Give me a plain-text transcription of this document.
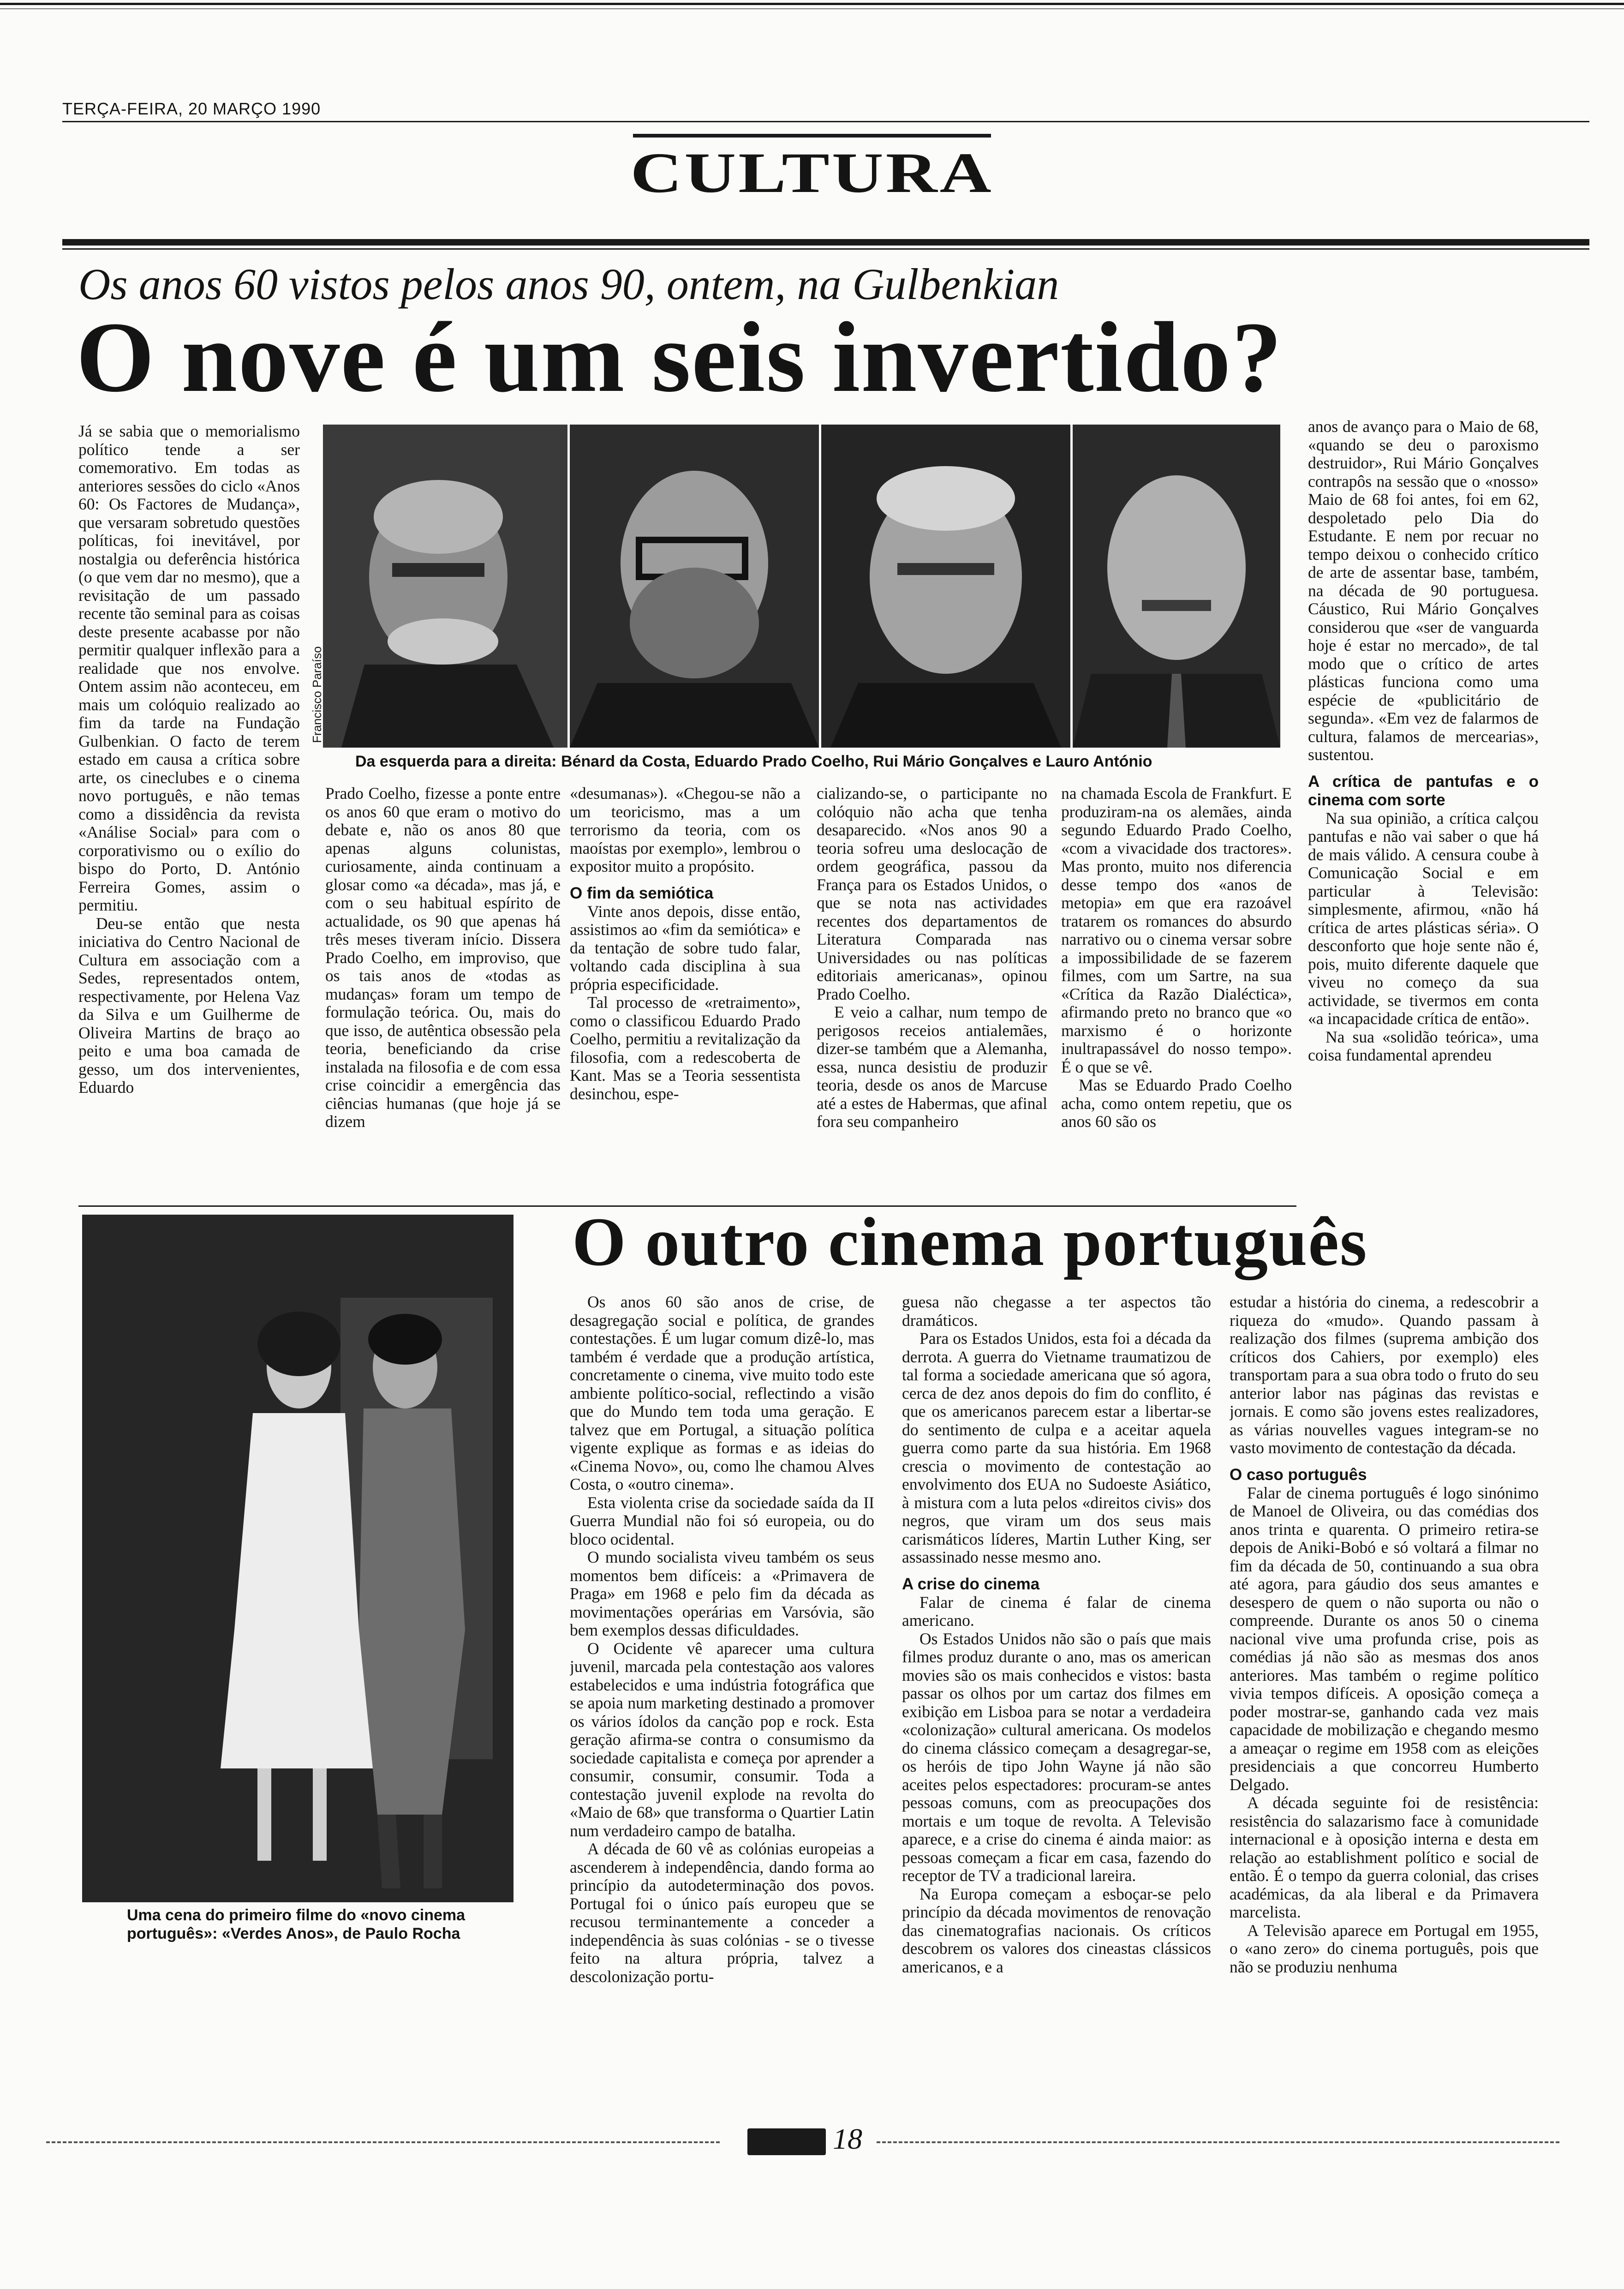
TERÇA-FEIRA, 20 MARÇO 1990
CULTURA
Os anos 60 vistos pelos anos 90, ontem, na Gulbenkian
O nove é um seis invertido?
Francisco Paraíso
Da esquerda para a direita: Bénard da Costa, Eduardo Prado Coelho, Rui Mário Gonçalves e Lauro António

Já se sabia que o memorialismo político tende a ser comemorativo. Em todas as anteriores sessões do ciclo «Anos 60: Os Factores de Mudança», que versaram sobretudo questões políticas, foi inevitável, por nostalgia ou deferência histórica (o que vem dar no mesmo), que a revisitação de um passado recente tão seminal para as coisas deste presente acabasse por não permitir qualquer inflexão para a realidade que nos envolve. Ontem assim não aconteceu, em mais um colóquio realizado ao fim da tarde na Fundação Gulbenkian. O facto de terem estado em causa a crítica sobre arte, os cineclubes e o cinema novo português, e não temas como a dissidência da revista «Análise Social» para com o corporativismo ou o exílio do bispo do Porto, D. António Ferreira Gomes, assim o permitiu.

Deu-se então que nesta iniciativa do Centro Nacional de Cultura em associação com a Sedes, representados ontem, respectivamente, por Helena Vaz da Silva e um Guilherme de Oliveira Martins de braço ao peito e uma boa camada de gesso, um dos intervenientes, Eduardo

Prado Coelho, fizesse a ponte entre os anos 60 que eram o motivo do debate e, não os anos 80 que apenas alguns colunistas, curiosamente, ainda continuam a glosar como «a década», mas já, e com o seu habitual espírito de actualidade, os 90 que apenas há três meses tiveram início. Dissera Prado Coelho, em improviso, que os tais anos de «todas as mudanças» foram um tempo de formulação teórica. Ou, mais do que isso, de autêntica obsessão pela teoria, beneficiando da crise instalada na filosofia e de com essa crise coincidir a emergência das ciências humanas (que hoje já se dizem

«desumanas»). «Chegou-se não a um teoricismo, mas a um terrorismo da teoria, com os maoístas por exemplo», lembrou o expositor muito a propósito.

O fim da semiótica

Vinte anos depois, disse então, assistimos ao «fim da semiótica» e da tentação de sobre tudo falar, voltando cada disciplina à sua própria especificidade.

Tal processo de «retraimento», como o classificou Eduardo Prado Coelho, permitiu a revitalização da filosofia, com a redescoberta de Kant. Mas se a Teoria sessentista desinchou, espe-

cializando-se, o participante no colóquio não acha que tenha desaparecido. «Nos anos 90 a teoria sofreu uma deslocação de ordem geográfica, passou da França para os Estados Unidos, o que se nota nas actividades recentes dos departamentos de Literatura Comparada nas Universidades ou nas políticas editoriais americanas», opinou Prado Coelho.

E veio a calhar, num tempo de perigosos receios antialemães, dizer-se também que a Alemanha, essa, nunca desistiu de produzir teoria, desde os anos de Marcuse até a estes de Habermas, que afinal fora seu companheiro

na chamada Escola de Frankfurt. E produziram-na os alemães, ainda segundo Eduardo Prado Coelho, «com a vivacidade dos tractores». Mas pronto, muito nos diferencia desse tempo dos «anos de metopia» em que era razoável tratarem os romances do absurdo narrativo ou o cinema versar sobre a impossibilidade de se fazerem filmes, com um Sartre, na sua «Crítica da Razão Dialéctica», afirmando preto no branco que «o marxismo é o horizonte inultrapassável do nosso tempo». É o que se vê.

Mas se Eduardo Prado Coelho acha, como ontem repetiu, que os anos 60 são os

anos de avanço para o Maio de 68, «quando se deu o paroxismo destruidor», Rui Mário Gonçalves contrapôs na sessão que o «nosso» Maio de 68 foi antes, foi em 62, despoletado pelo Dia do Estudante. E nem por recuar no tempo deixou o conhecido crítico de arte de assentar base, também, na década de 90 portuguesa. Cáustico, Rui Mário Gonçalves considerou que «ser de vanguarda hoje é estar no mercado», de tal modo que o crítico de artes plásticas funciona como uma espécie de «publicitário de segunda». «Em vez de falarmos de cultura, falamos de mercearias», sustentou.

A crítica de pantufas e o cinema com sorte

Na sua opinião, a crítica calçou pantufas e não vai saber o que há de mais válido. A censura coube à Comunicação Social e em particular à Televisão: simplesmente, afirmou, «não há crítica de artes plásticas séria». O desconforto que hoje sente não é, pois, muito diferente daquele que viveu no começo da sua actividade, se tivermos em conta «a incapacidade crítica de então».

Na sua «solidão teórica», uma coisa fundamental aprendeu

Uma cena do primeiro filme do «novo cinema português»: «Verdes Anos», de Paulo Rocha
O outro cinema português

Os anos 60 são anos de crise, de desagregação social e política, de grandes contestações. É um lugar comum dizê-lo, mas também é verdade que a produção artística, concretamente o cinema, vive muito todo este ambiente político-social, reflectindo a visão que do Mundo tem toda uma geração. E talvez que em Portugal, a situação política vigente explique as formas e as ideias do «Cinema Novo», ou, como lhe chamou Alves Costa, o «outro cinema».

Esta violenta crise da sociedade saída da II Guerra Mundial não foi só europeia, ou do bloco ocidental.

O mundo socialista viveu também os seus momentos bem difíceis: a «Primavera de Praga» em 1968 e pelo fim da década as movimentações operárias em Varsóvia, são bem exemplos dessas dificuldades.

O Ocidente vê aparecer uma cultura juvenil, marcada pela contestação aos valores estabelecidos e uma indústria fotográfica que se apoia num marketing destinado a promover os vários ídolos da canção pop e rock. Esta geração afirma-se contra o consumismo da sociedade capitalista e começa por aprender a consumir, consumir, consumir. Toda a contestação juvenil explode na revolta do «Maio de 68» que transforma o Quartier Latin num verdadeiro campo de batalha.

A década de 60 vê as colónias europeias a ascenderem à independência, dando forma ao princípio da autodeterminação dos povos. Portugal foi o único país europeu que se recusou terminantemente a conceder a independência às suas colónias - se o tivesse feito na altura própria, talvez a descolonização portu-

guesa não chegasse a ter aspectos tão dramáticos.

Para os Estados Unidos, esta foi a década da derrota. A guerra do Vietname traumatizou de tal forma a sociedade americana que só agora, cerca de dez anos depois do fim do conflito, é que os americanos parecem estar a libertar-se do sentimento de culpa e a aceitar aquela guerra como parte da sua história. Em 1968 crescia o movimento de contestação ao envolvimento dos EUA no Sudoeste Asiático, à mistura com a luta pelos «direitos civis» dos negros, que viram um dos seus mais carismáticos líderes, Martin Luther King, ser assassinado nesse mesmo ano.

A crise do cinema

Falar de cinema é falar de cinema americano.

Os Estados Unidos não são o país que mais filmes produz durante o ano, mas os american movies são os mais conhecidos e vistos: basta passar os olhos por um cartaz dos filmes em exibição em Lisboa para se notar a verdadeira «colonização» cultural americana. Os modelos do cinema clássico começam a desagregar-se, os heróis de tipo John Wayne já não são aceites pelos espectadores: procuram-se antes pessoas comuns, com as preocupações dos mortais e um toque de revolta. A Televisão aparece, e a crise do cinema é ainda maior: as pessoas começam a ficar em casa, fazendo do receptor de TV a tradicional lareira.

Na Europa começam a esboçar-se pelo princípio da década movimentos de renovação das cinematografias nacionais. Os críticos descobrem os valores dos cineastas clássicos americanos, e a

estudar a história do cinema, a redescobrir a riqueza do «mudo». Quando passam à realização dos filmes (suprema ambição dos críticos dos Cahiers, por exemplo) eles transportam para a sua obra todo o fruto do seu anterior labor nas páginas das revistas e jornais. E como são jovens estes realizadores, as várias nouvelles vagues integram-se no vasto movimento de contestação da década.

O caso português

Falar de cinema português é logo sinónimo de Manoel de Oliveira, ou das comédias dos anos trinta e quarenta. O primeiro retira-se depois de Aniki-Bobó e só voltará a filmar no fim da década de 50, continuando a sua obra até agora, para gáudio dos seus amantes e desespero de quem o não suporta ou não o compreende. Durante os anos 50 o cinema nacional vive uma profunda crise, pois as comédias já não são as mesmas dos anos anteriores. Mas também o regime político vivia tempos difíceis. A oposição começa a poder mostrar-se, ganhando cada vez mais capacidade de mobilização e chegando mesmo a ameaçar o regime em 1958 com as eleições presidenciais a que concorreu Humberto Delgado.

A década seguinte foi de resistência: resistência do salazarismo face à comunidade internacional e à oposição interna e desta em relação ao establishment político e social de então. É o tempo da guerra colonial, das crises académicas, da ala liberal e da Primavera marcelista.

A Televisão aparece em Portugal em 1955, o «ano zero» do cinema português, pois que não se produziu nenhuma

18
